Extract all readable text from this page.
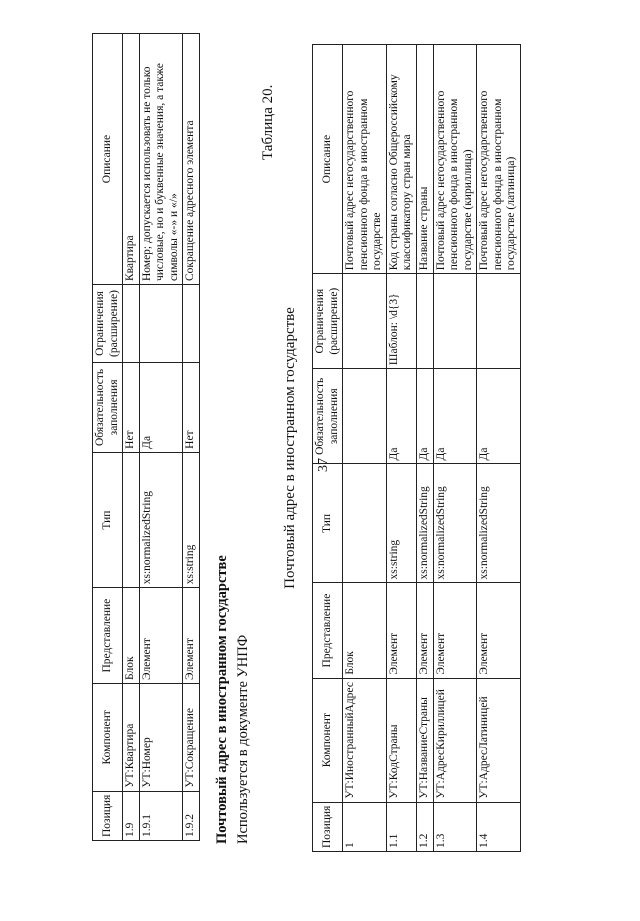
37
Позиция	Компонент	Представление	Тип	Обязательность заполнения	Ограничения (расширение)	Описание
1.9	УТ:Квартира	Блок		Нет		Квартира
1.9.1	УТ:Номер	Элемент	xs:normalizedString	Да		Номер; допускается использовать не только числовые, но и буквенные значения, а также символы «-» и «/»
1.9.2	УТ:Сокращение	Элемент	xs:string	Нет		Сокращение адресного элемента
Почтовый адрес в иностранном государстве Используется в документе УНПФ
Таблица 20.
Почтовый адрес в иностранном государстве
Позиция	Компонент	Представление	Тип	Обязательность заполнения	Ограничения (расширение)	Описание
1	УТ:ИностранныйАдрес	Блок				Почтовый адрес негосударственного пенсионного фонда в иностранном государстве
1.1	УТ:КодСтраны	Элемент	xs:string	Да	Шаблон: \d{3}	Код страны согласно Общероссийскому классификатору стран мира
1.2	УТ:НазваниеСтраны	Элемент	xs:normalizedString	Да		Название страны
1.3	УТ:АдресКириллицей	Элемент	xs:normalizedString	Да		Почтовый адрес негосударственного пенсионного фонда в иностранном государстве (кириллица)
1.4	УТ:АдресЛатиницей	Элемент	xs:normalizedString	Да		Почтовый адрес негосударственного пенсионного фонда в иностранном государстве (латиница)
